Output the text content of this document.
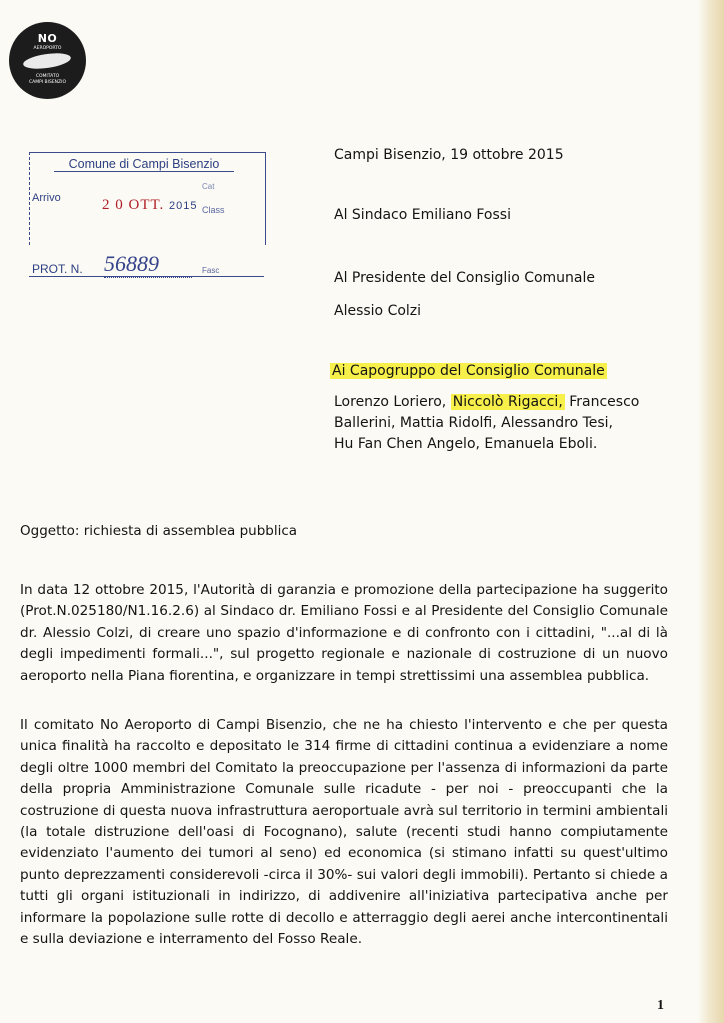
NO
AEROPORTO
COMITATO
CAMPI BISENZIO
Comune di Campi Bisenzio
Arrivo	2 0 OTT. 2015
Cat
Class
PROT. N. 56889	Fasc
Campi Bisenzio, 19 ottobre 2015
Al Sindaco Emiliano Fossi
Al Presidente del Consiglio Comunale
Alessio Colzi
Ai Capogruppo del Consiglio Comunale
Lorenzo Loriero, Niccolò Rigacci, Francesco
Ballerini, Mattia Ridolfi, Alessandro Tesi,
Hu Fan Chen Angelo, Emanuela Eboli.
Oggetto: richiesta di assemblea pubblica
In data 12 ottobre 2015, l'Autorità di garanzia e promozione della partecipazione ha suggerito (Prot.N.025180/N1.16.2.6) al Sindaco dr. Emiliano Fossi e al Presidente del Consiglio Comunale dr. Alessio Colzi, di creare uno spazio d'informazione e di confronto con i cittadini, "...al di là degli impedimenti formali...", sul progetto regionale e nazionale di costruzione di un nuovo aeroporto nella Piana fiorentina, e organizzare in tempi strettissimi una assemblea pubblica.
Il comitato No Aeroporto di Campi Bisenzio, che ne ha chiesto l'intervento e che per questa unica finalità ha raccolto e depositato le 314 firme di cittadini continua a evidenziare a nome degli oltre 1000 membri del Comitato la preoccupazione per l'assenza di informazioni da parte della propria Amministrazione Comunale sulle ricadute - per noi - preoccupanti che la costruzione di questa nuova infrastruttura aeroportuale avrà sul territorio in termini ambientali (la totale distruzione dell'oasi di Focognano), salute (recenti studi hanno compiutamente evidenziato l'aumento dei tumori al seno) ed economica (si stimano infatti su quest'ultimo punto deprezzamenti considerevoli -circa il 30%- sui valori degli immobili). Pertanto si chiede a tutti gli organi istituzionali in indirizzo, di addivenire all'iniziativa partecipativa anche per informare la popolazione sulle rotte di decollo e atterraggio degli aerei anche intercontinentali e sulla deviazione e interramento del Fosso Reale.
1
